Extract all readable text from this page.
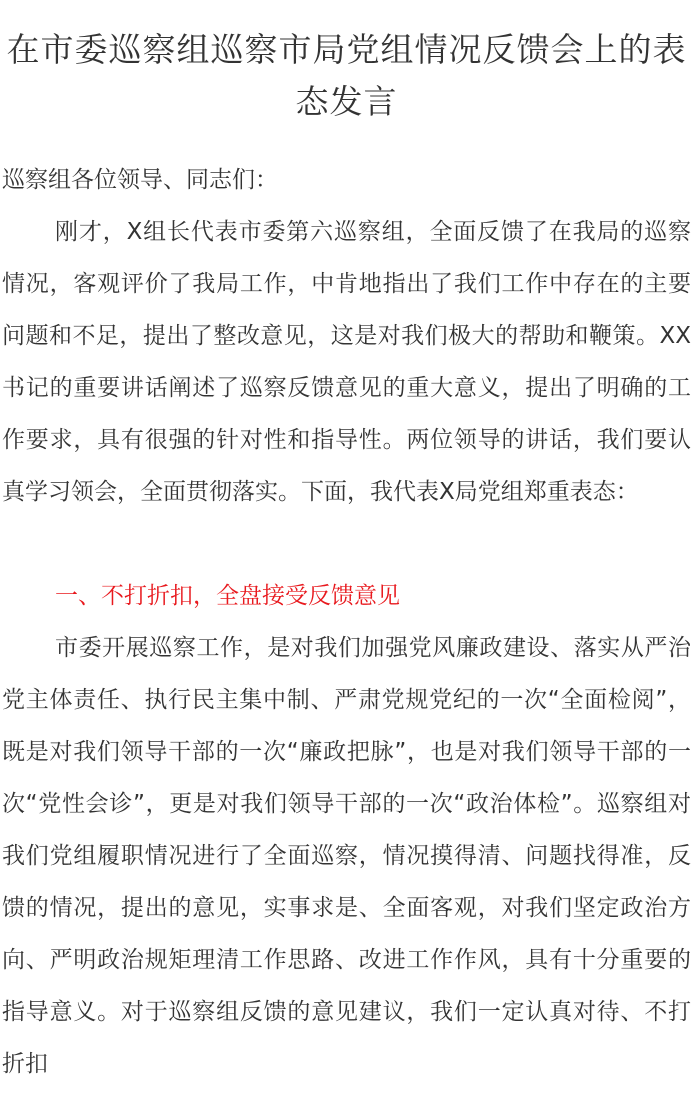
在市委巡察组巡察市局党组情况反馈会上的表态发言
巡察组各位领导、同志们：

刚才，X组长代表市委第六巡察组，全面反馈了在我局的巡察情况，客观评价了我局工作，中肯地指出了我们工作中存在的主要问题和不足，提出了整改意见，这是对我们极大的帮助和鞭策。XX书记的重要讲话阐述了巡察反馈意见的重大意义，提出了明确的工作要求，具有很强的针对性和指导性。两位领导的讲话，我们要认真学习领会，全面贯彻落实。下面，我代表X局党组郑重表态：

一、不打折扣，全盘接受反馈意见

市委开展巡察工作，是对我们加强党风廉政建设、落实从严治党主体责任、执行民主集中制、严肃党规党纪的一次“全面检阅”，既是对我们领导干部的一次“廉政把脉”，也是对我们领导干部的一次“党性会诊”，更是对我们领导干部的一次“政治体检”。巡察组对我们党组履职情况进行了全面巡察，情况摸得清、问题找得准，反馈的情况，提出的意见，实事求是、全面客观，对我们坚定政治方向、严明政治规矩理清工作思路、改进工作作风，具有十分重要的指导意义。对于巡察组反馈的意见建议，我们一定认真对待、不打折扣
